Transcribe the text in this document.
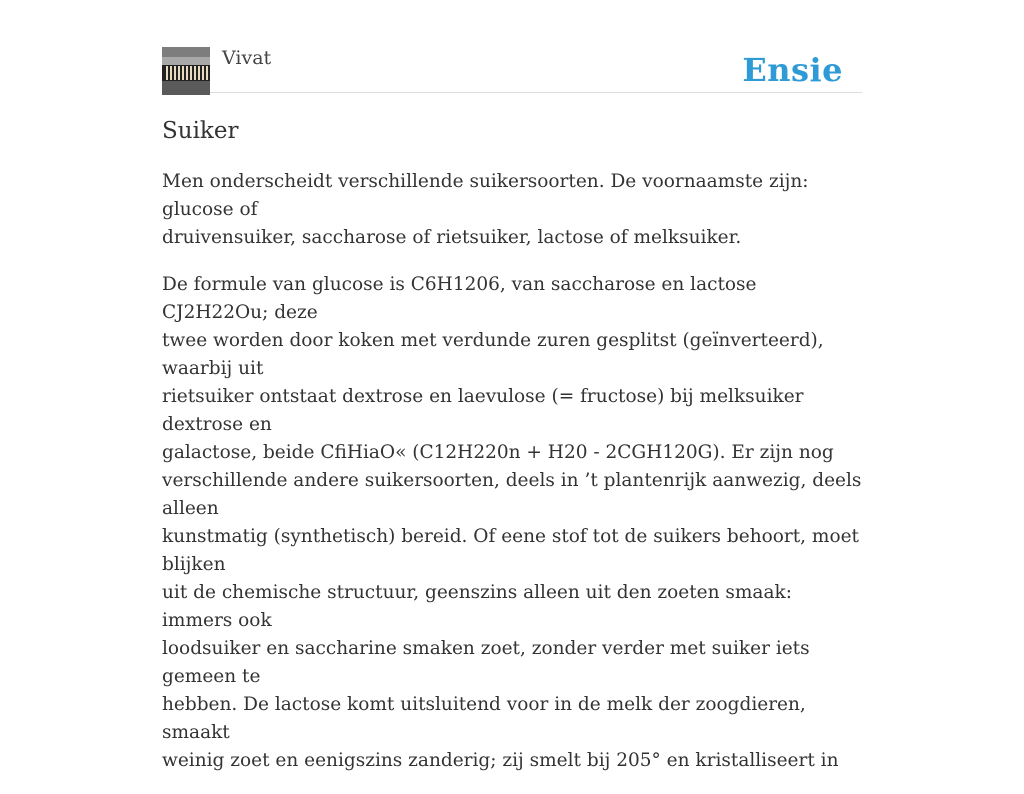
Vivat	Ensie
Suiker

Men onderscheidt verschillende suikersoorten. De voornaamste zijn: glucose of
druivensuiker, saccharose of rietsuiker, lactose of melksuiker.

De formule van glucose is C6H1206, van saccharose en lactose CJ2H22Ou; deze
twee worden door koken met verdunde zuren gesplitst (geïnverteerd), waarbij uit
rietsuiker ontstaat dextrose en laevulose (= fructose) bij melksuiker dextrose en
galactose, beide CfiHiaO« (C12H220n + H20 - 2CGH120G). Er zijn nog
verschillende andere suikersoorten, deels in ’t plantenrijk aanwezig, deels alleen
kunstmatig (synthetisch) bereid. Of eene stof tot de suikers behoort, moet blijken
uit de chemische structuur, geenszins alleen uit den zoeten smaak: immers ook
loodsuiker en saccharine smaken zoet, zonder verder met suiker iets gemeen te
hebben. De lactose komt uitsluitend voor in de melk der zoogdieren, smaakt
weinig zoet en eenigszins zanderig; zij smelt bij 205° en kristalliseert in
